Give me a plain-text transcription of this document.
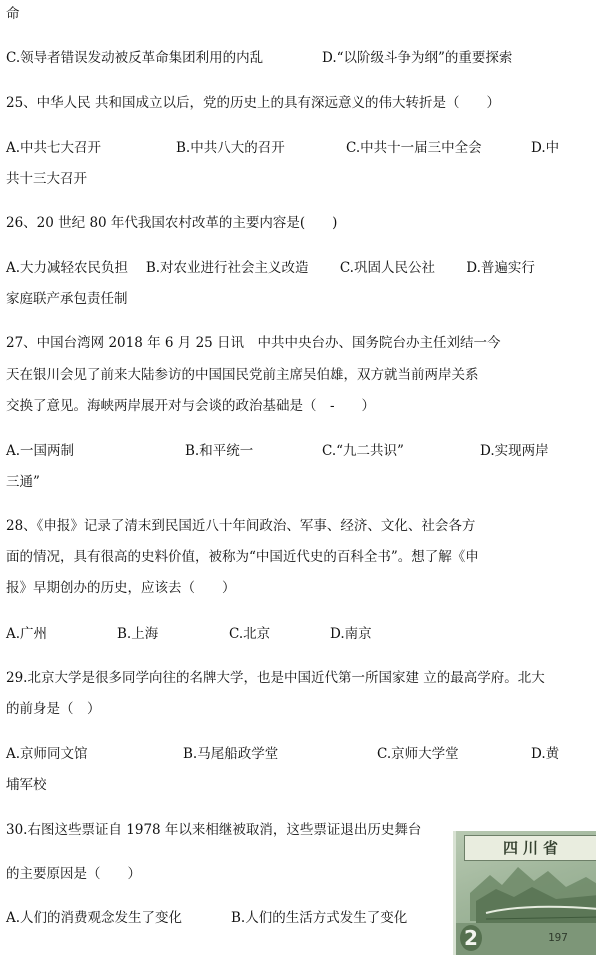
命
C.领导者错误发动被反革命集团利用的内乱	D.“以阶级斗争为纲”的重要探索
25、中华人民 共和国成立以后，党的历史上的具有深远意义的伟大转折是（　　）
A.中共七大召开	B.中共八大的召开	C.中共十一届三中全会	D.中
共十三大召开
26、20 世纪 80 年代我国农村改革的主要内容是(　　)
A.大力减轻农民负担　 B.对农业进行社会主义改造　　 C.巩固人民公社　　 D.普遍实行
家庭联产承包责任制
27、中国台湾网 2018 年 6 月 25 日讯　中共中央台办、国务院台办主任刘结一今
天在银川会见了前来大陆参访的中国国民党前主席吴伯雄，双方就当前两岸关系
交换了意见。海峡两岸展开对与会谈的政治基础是（　-　　）
A.一国两制	B.和平统一	C.“九二共识”	D.实现两岸
三通”
28、《申报》记录了清末到民国近八十年间政治、军事、经济、文化、社会各方
面的情况，具有很高的史料价值，被称为“中国近代史的百科全书”。想了解《申
报》早期创办的历史，应该去（　　）
A.广州	B.上海	C.北京	D.南京
29.北京大学是很多同学向往的名牌大学，也是中国近代第一所国家建 立的最高学府。北大
的前身是（　）
A.京师同文馆	B.马尾船政学堂	C.京师大学堂	D.黄
埔军校
30.右图这些票证自 1978 年以来相继被取消，这些票证退出历史舞台
的主要原因是（　　）
A.人们的消费观念发生了变化	B.人们的生活方式发生了变化
四川省
2	197
